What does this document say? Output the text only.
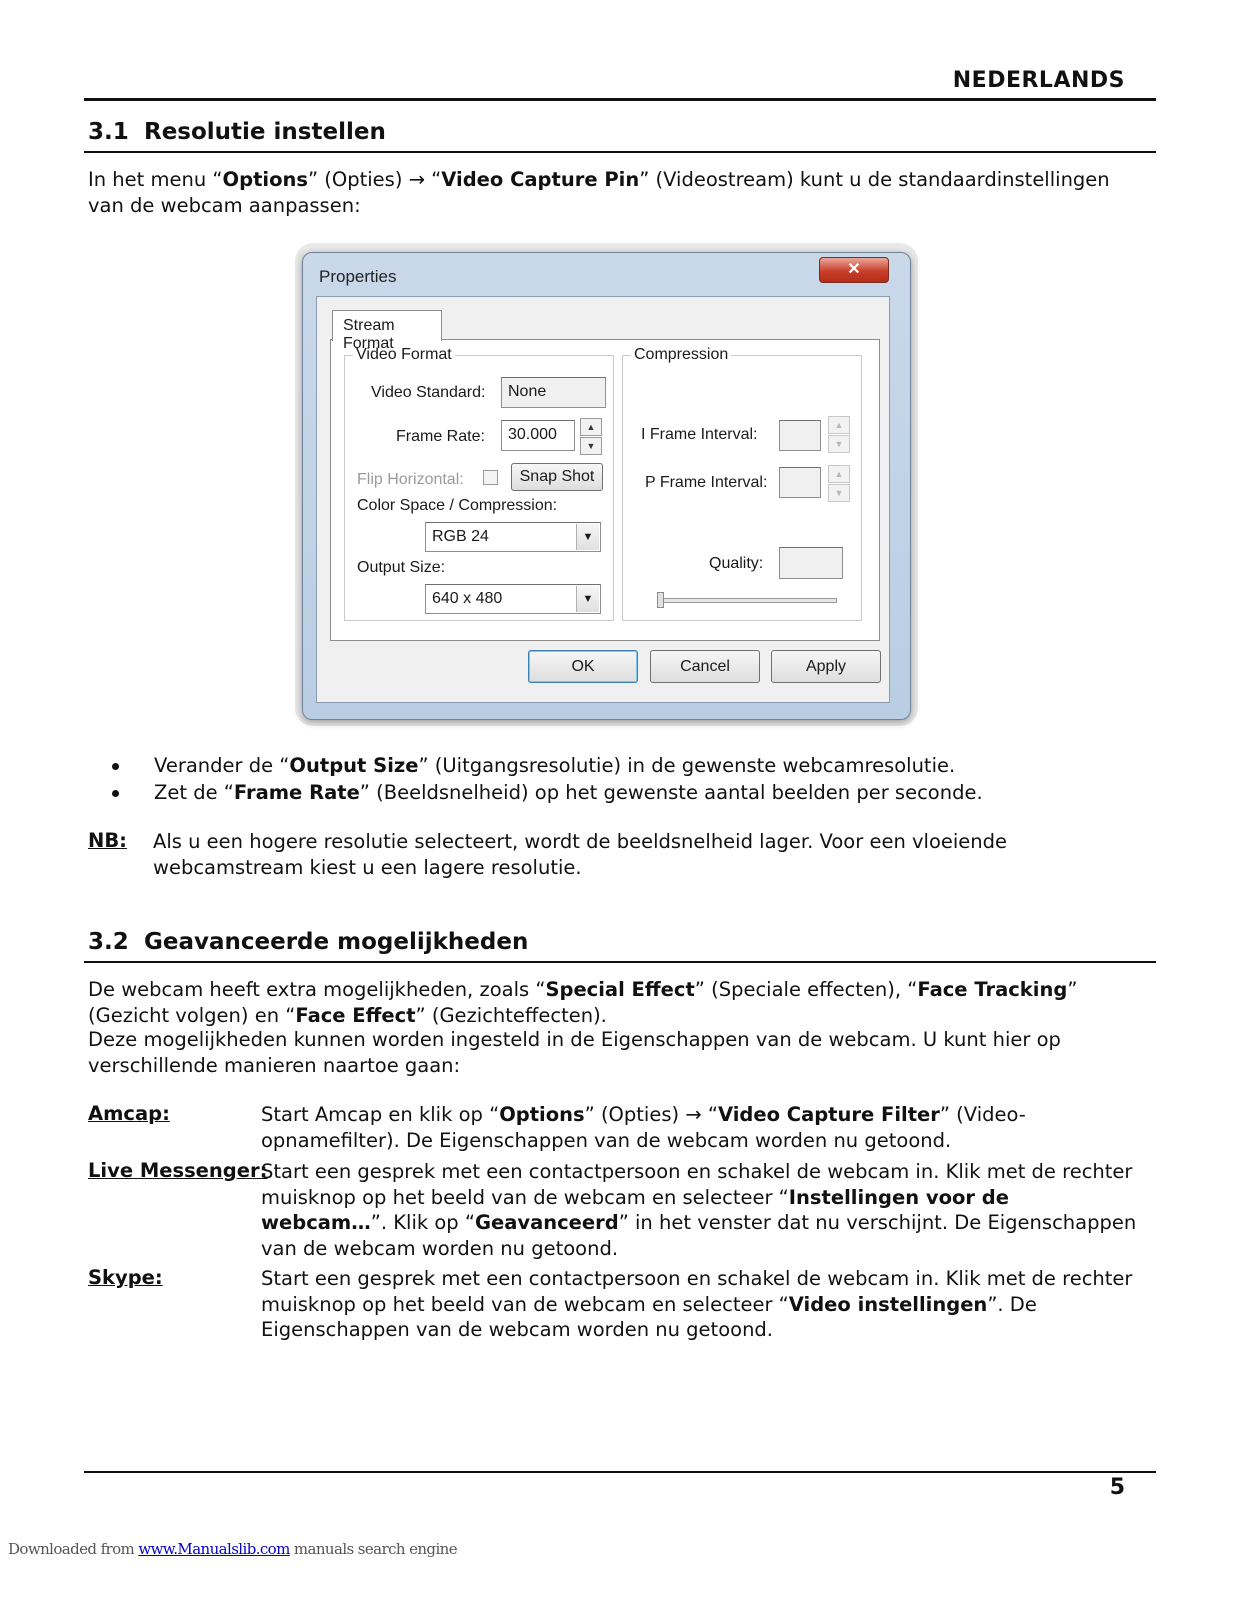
NEDERLANDS
3.1 Resolutie instellen
In het menu “Options” (Opties) → “Video Capture Pin” (Videostream) kunt u de standaardinstellingen van de webcam aanpassen:
Properties	✕
Stream Format
Video Format
Video Standard:	None
Frame Rate:	30.000	▲
▼
Flip Horizontal:	Snap Shot
Color Space / Compression:
RGB 24	▼
Output Size:
640 x 480	▼
Compression
I Frame Interval:
▲
▼
P Frame Interval:	▲
▼
Quality:
OK	Cancel	Apply
Verander de “Output Size” (Uitgangsresolutie) in de gewenste webcamresolutie.
Zet de “Frame Rate” (Beeldsnelheid) op het gewenste aantal beelden per seconde.
NB: Als u een hogere resolutie selecteert, wordt de beeldsnelheid lager. Voor een vloeiende webcamstream kiest u een lagere resolutie.
3.2 Geavanceerde mogelijkheden
De webcam heeft extra mogelijkheden, zoals “Special Effect” (Speciale effecten), “Face Tracking” (Gezicht volgen) en “Face Effect” (Gezichteffecten).
Deze mogelijkheden kunnen worden ingesteld in de Eigenschappen van de webcam. U kunt hier op verschillende manieren naartoe gaan:
Amcap:	Start Amcap en klik op “Options” (Opties) → “Video Capture Filter” (Video-opnamefilter). De Eigenschappen van de webcam worden nu getoond.
Live Messenger:
Start een gesprek met een contactpersoon en schakel de webcam in. Klik met de rechter muisknop op het beeld van de webcam en selecteer “Instellingen voor de webcam…”. Klik op “Geavanceerd” in het venster dat nu verschijnt. De Eigenschappen van de webcam worden nu getoond.
Skype:	Start een gesprek met een contactpersoon en schakel de webcam in. Klik met de rechter muisknop op het beeld van de webcam en selecteer “Video instellingen”. De Eigenschappen van de webcam worden nu getoond.
5
Downloaded from www.Manualslib.com manuals search engine
